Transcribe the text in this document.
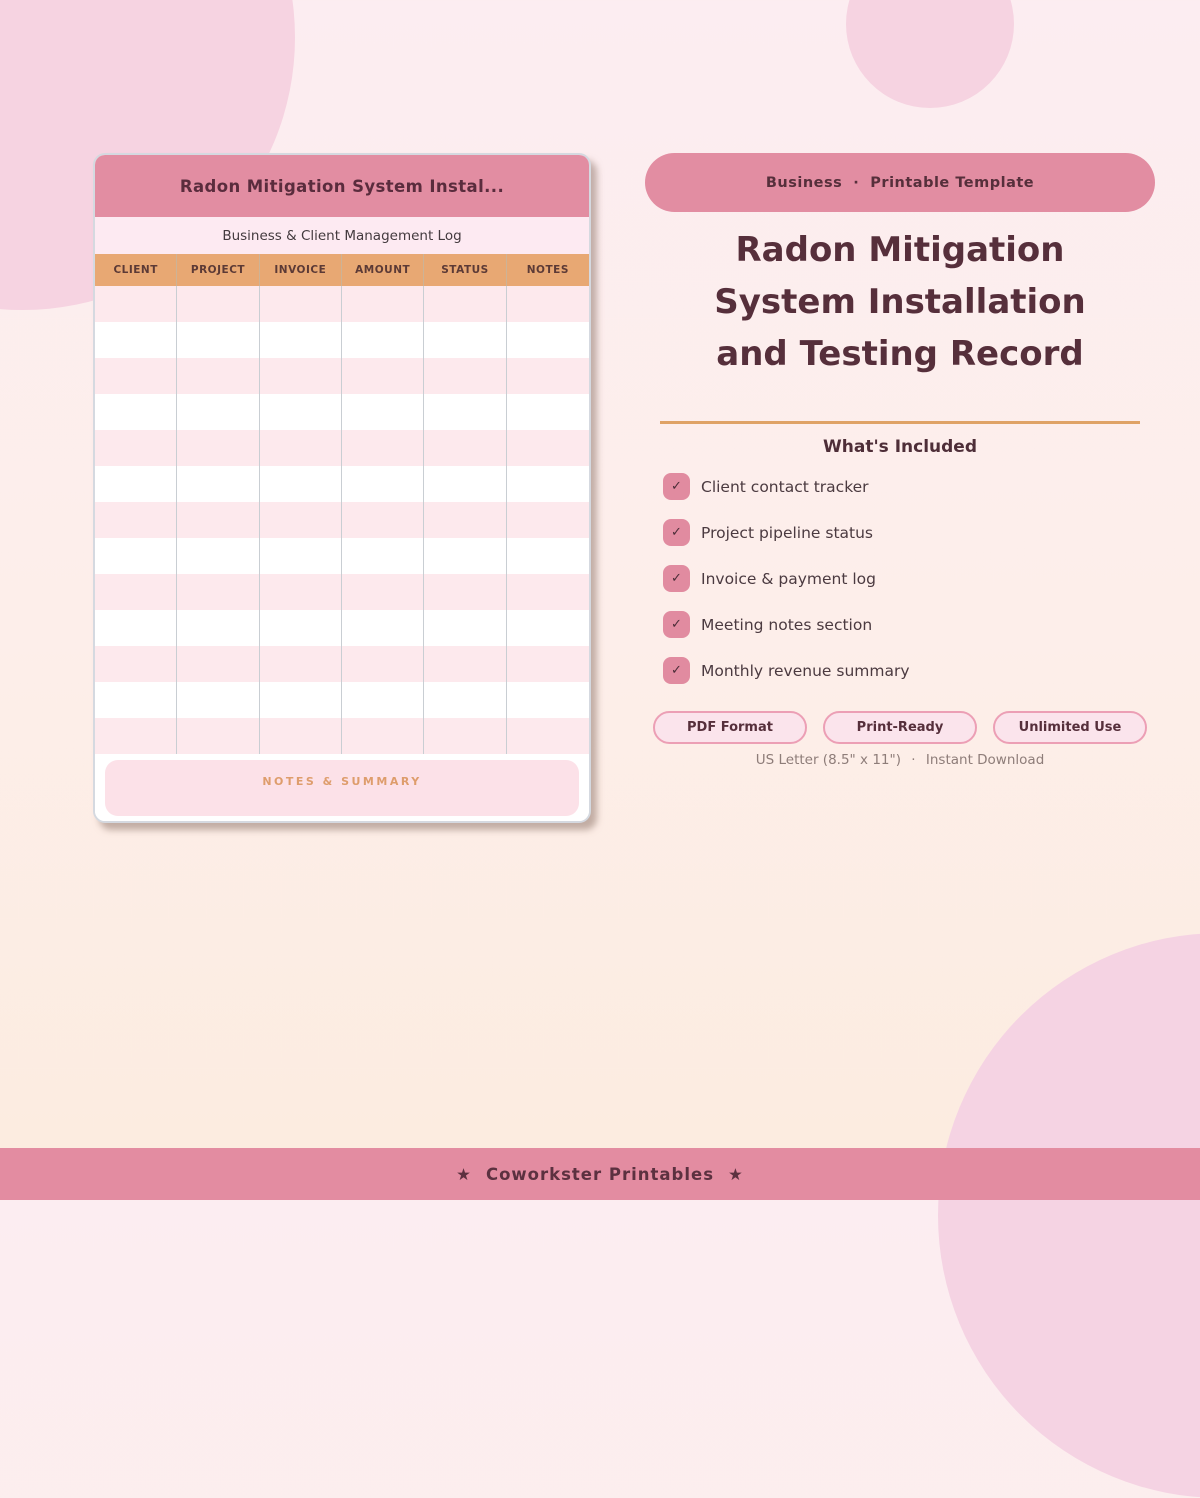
Radon Mitigation System Instal...
Business & Client Management Log
CLIENT	PROJECT	INVOICE	AMOUNT	STATUS	NOTES
NOTES & SUMMARY
Business · Printable Template
Radon Mitigation
System Installation
and Testing Record
What's Included
✓	Client contact tracker
✓	Project pipeline status
✓	Invoice & payment log
✓	Meeting notes section
✓	Monthly revenue summary
PDF Format	Print-Ready	Unlimited Use
US Letter (8.5" x 11") · Instant Download
★ Coworkster Printables ★
